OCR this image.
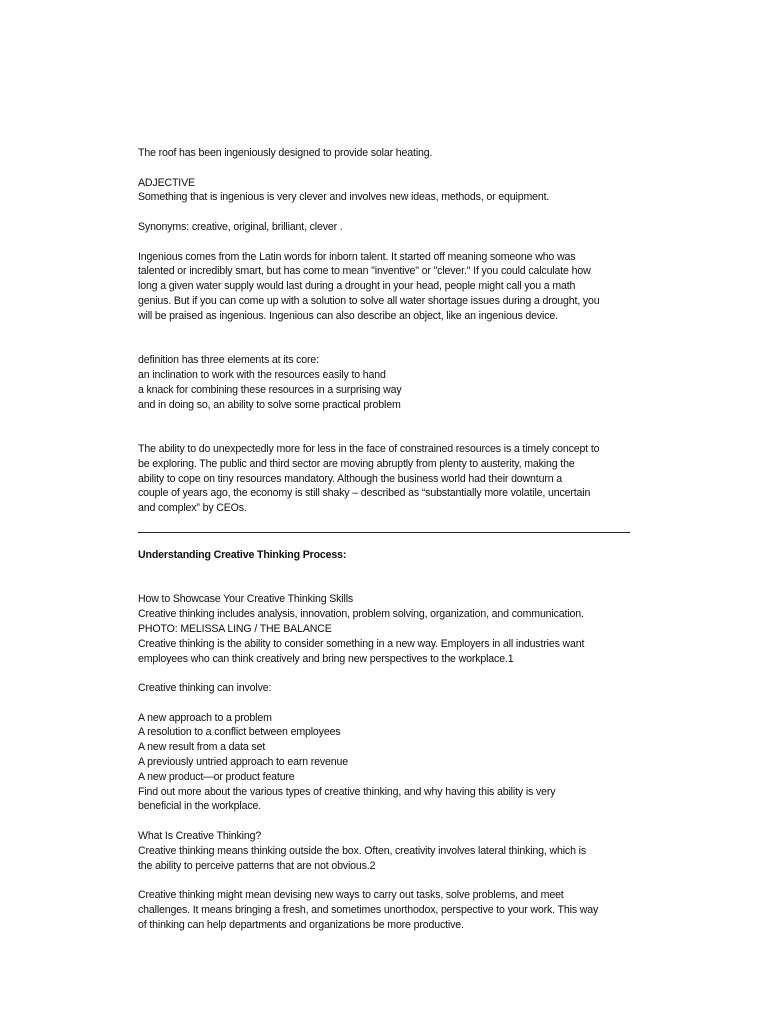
The roof has been ingeniously designed to provide solar heating.
ADJECTIVE
Something that is ingenious is very clever and involves new ideas, methods, or equipment.
Synonyms: creative, original, brilliant, clever .
Ingenious comes from the Latin words for inborn talent. It started off meaning someone who was
talented or incredibly smart, but has come to mean "inventive" or "clever." If you could calculate how
long a given water supply would last during a drought in your head, people might call you a math
genius. But if you can come up with a solution to solve all water shortage issues during a drought, you
will be praised as ingenious. Ingenious can also describe an object, like an ingenious device.
definition has three elements at its core:
an inclination to work with the resources easily to hand
a knack for combining these resources in a surprising way
and in doing so, an ability to solve some practical problem
The ability to do unexpectedly more for less in the face of constrained resources is a timely concept to
be exploring. The public and third sector are moving abruptly from plenty to austerity, making the
ability to cope on tiny resources mandatory. Although the business world had their downturn a
couple of years ago, the economy is still shaky – described as “substantially more volatile, uncertain
and complex” by CEOs.
Understanding Creative Thinking Process:
How to Showcase Your Creative Thinking Skills
Creative thinking includes analysis, innovation, problem solving, organization, and communication.
PHOTO: MELISSA LING / THE BALANCE
Creative thinking is the ability to consider something in a new way. Employers in all industries want
employees who can think creatively and bring new perspectives to the workplace.1
Creative thinking can involve:
A new approach to a problem
A resolution to a conflict between employees
A new result from a data set
A previously untried approach to earn revenue
A new product—or product feature
Find out more about the various types of creative thinking, and why having this ability is very
beneficial in the workplace.
What Is Creative Thinking?
Creative thinking means thinking outside the box. Often, creativity involves lateral thinking, which is
the ability to perceive patterns that are not obvious.2
Creative thinking might mean devising new ways to carry out tasks, solve problems, and meet
challenges. It means bringing a fresh, and sometimes unorthodox, perspective to your work. This way
of thinking can help departments and organizations be more productive.
